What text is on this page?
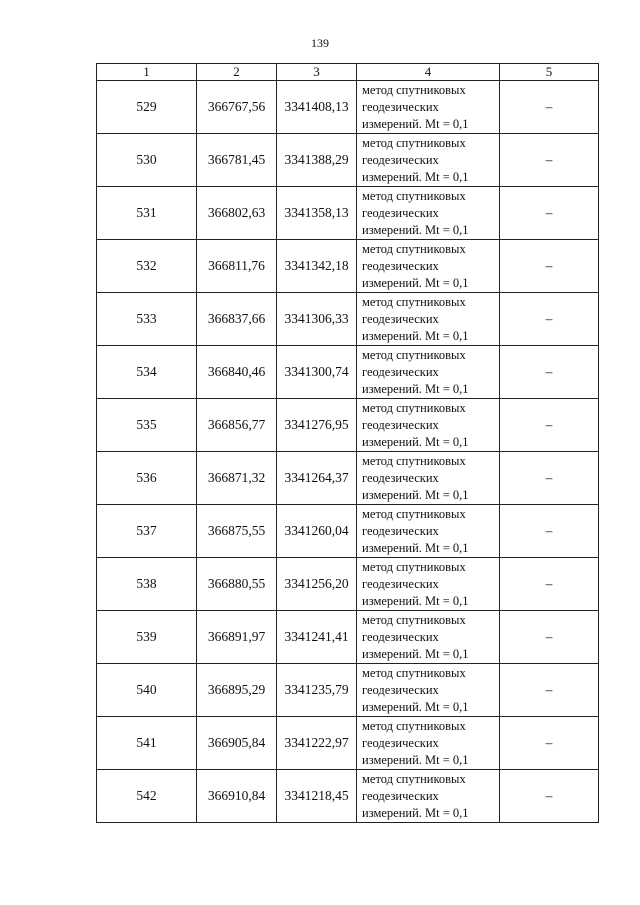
139
1	2	3	4	5
529	366767,56	3341408,13	метод спутниковых
геодезических
измерений. Mt = 0,1	–
530	366781,45	3341388,29	метод спутниковых
геодезических
измерений. Mt = 0,1	–
531	366802,63	3341358,13	метод спутниковых
геодезических
измерений. Mt = 0,1	–
532	366811,76	3341342,18	метод спутниковых
геодезических
измерений. Mt = 0,1	–
533	366837,66	3341306,33	метод спутниковых
геодезических
измерений. Mt = 0,1	–
534	366840,46	3341300,74	метод спутниковых
геодезических
измерений. Mt = 0,1	–
535	366856,77	3341276,95	метод спутниковых
геодезических
измерений. Mt = 0,1	–
536	366871,32	3341264,37	метод спутниковых
геодезических
измерений. Mt = 0,1	–
537	366875,55	3341260,04	метод спутниковых
геодезических
измерений. Mt = 0,1	–
538	366880,55	3341256,20	метод спутниковых
геодезических
измерений. Mt = 0,1	–
539	366891,97	3341241,41	метод спутниковых
геодезических
измерений. Mt = 0,1	–
540	366895,29	3341235,79	метод спутниковых
геодезических
измерений. Mt = 0,1	–
541	366905,84	3341222,97	метод спутниковых
геодезических
измерений. Mt = 0,1	–
542	366910,84	3341218,45	метод спутниковых
геодезических
измерений. Mt = 0,1	–
